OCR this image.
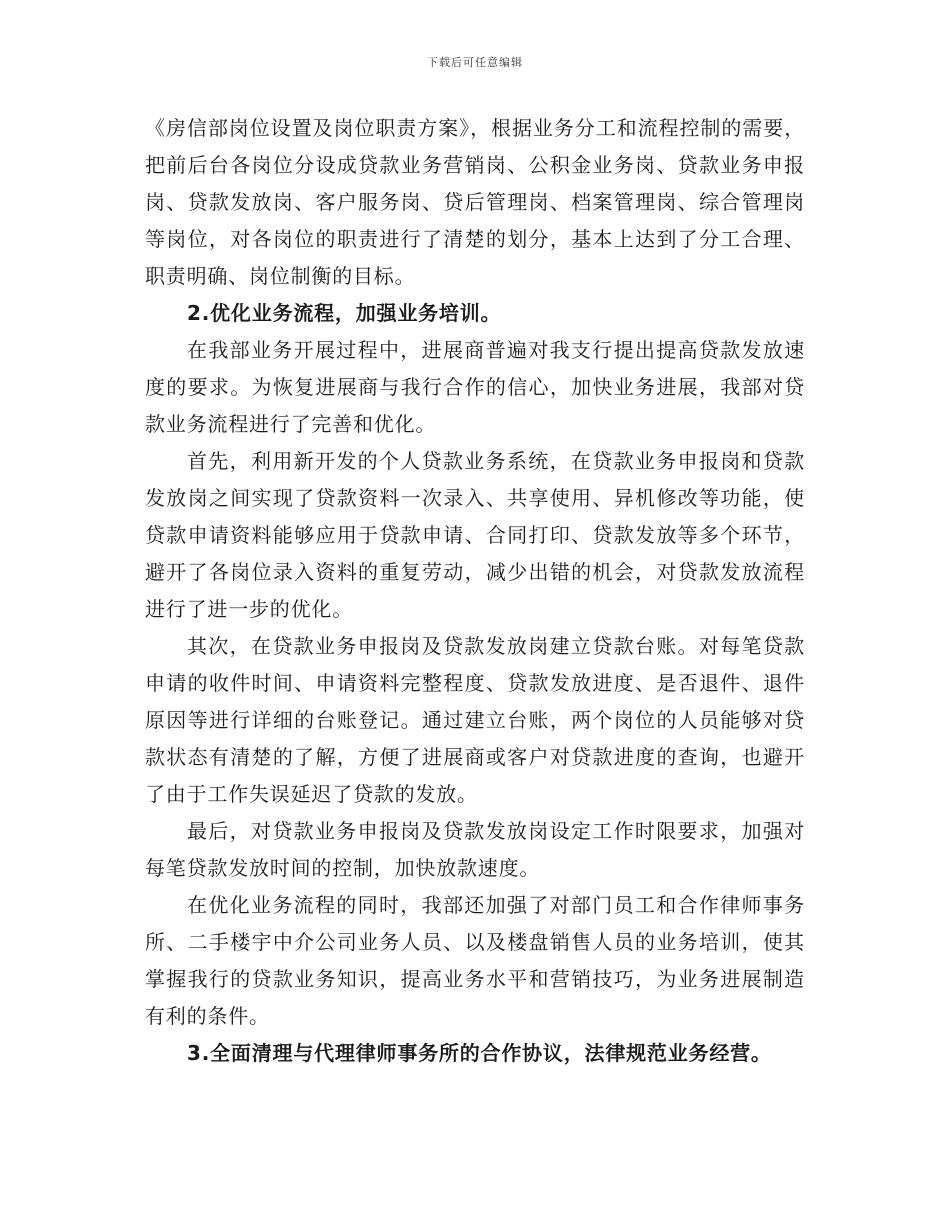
下载后可任意编辑

《房信部岗位设置及岗位职责方案》，根据业务分工和流程控制的需要，把前后台各岗位分设成贷款业务营销岗、公积金业务岗、贷款业务申报岗、贷款发放岗、客户服务岗、贷后管理岗、档案管理岗、综合管理岗等岗位，对各岗位的职责进行了清楚的划分，基本上达到了分工合理、职责明确、岗位制衡的目标。

2.优化业务流程，加强业务培训。

在我部业务开展过程中，进展商普遍对我支行提出提高贷款发放速度的要求。为恢复进展商与我行合作的信心，加快业务进展，我部对贷款业务流程进行了完善和优化。

首先，利用新开发的个人贷款业务系统，在贷款业务申报岗和贷款发放岗之间实现了贷款资料一次录入、共享使用、异机修改等功能，使贷款申请资料能够应用于贷款申请、合同打印、贷款发放等多个环节，避开了各岗位录入资料的重复劳动，减少出错的机会，对贷款发放流程进行了进一步的优化。

其次，在贷款业务申报岗及贷款发放岗建立贷款台账。对每笔贷款申请的收件时间、申请资料完整程度、贷款发放进度、是否退件、退件原因等进行详细的台账登记。通过建立台账，两个岗位的人员能够对贷款状态有清楚的了解，方便了进展商或客户对贷款进度的查询，也避开了由于工作失误延迟了贷款的发放。

最后，对贷款业务申报岗及贷款发放岗设定工作时限要求，加强对每笔贷款发放时间的控制，加快放款速度。

在优化业务流程的同时，我部还加强了对部门员工和合作律师事务所、二手楼宇中介公司业务人员、以及楼盘销售人员的业务培训，使其掌握我行的贷款业务知识，提高业务水平和营销技巧，为业务进展制造有利的条件。

3.全面清理与代理律师事务所的合作协议，法律规范业务经营。
